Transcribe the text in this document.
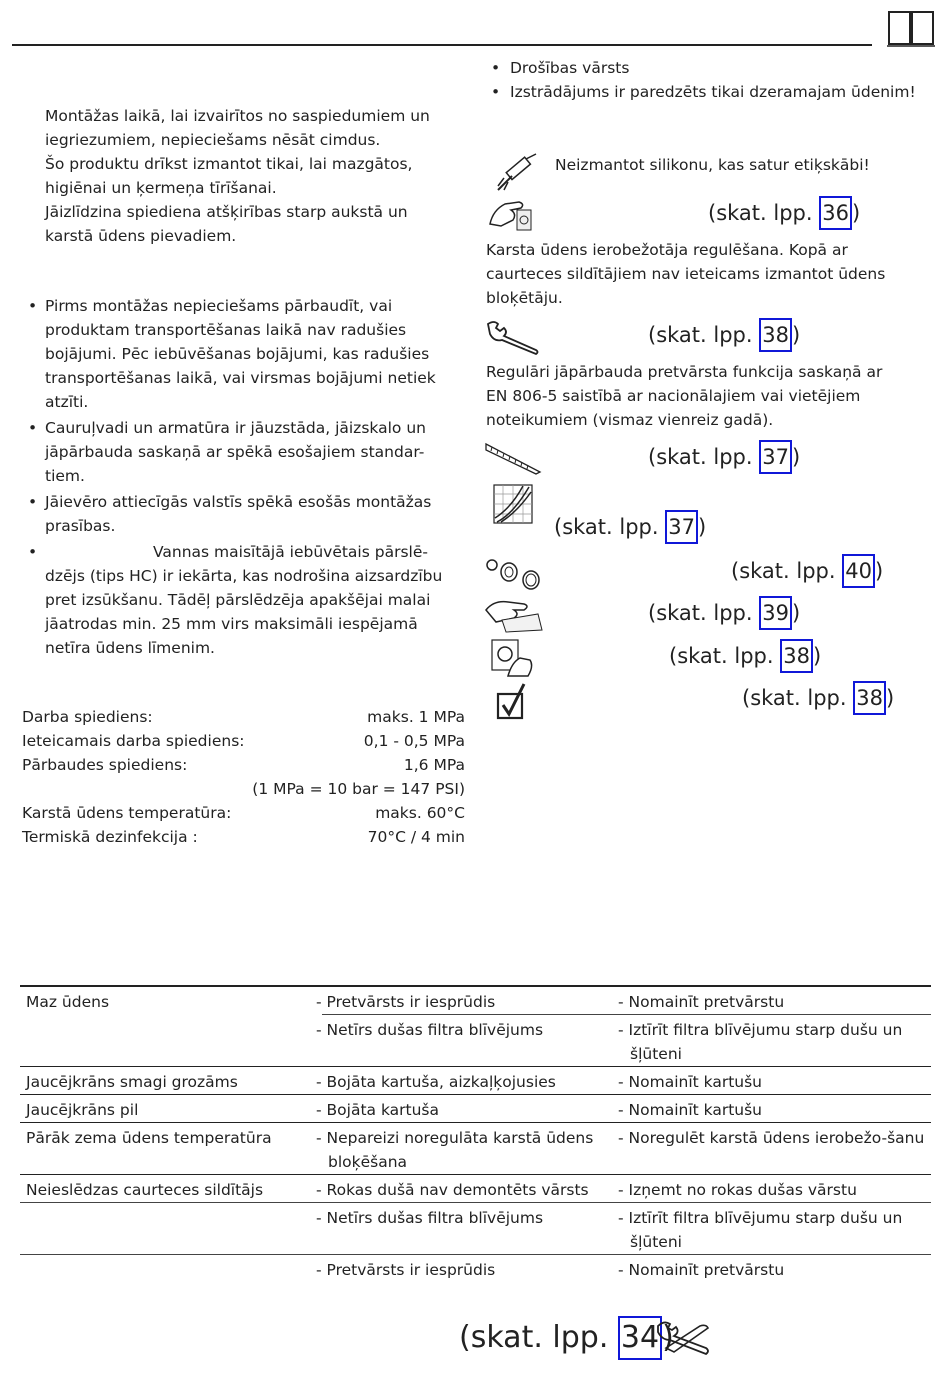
Montāžas laikā, lai izvairītos no saspiedumiem un iegriezumiem, nepieciešams nēsāt cimdus.
Šo produktu drīkst izmantot tikai, lai mazgātos, higiēnai un ķermeņa tīrīšanai.
Jāizlīdzina spiediena atšķirības starp aukstā un karstā ūdens pievadiem.
• Pirms montāžas nepieciešams pārbaudīt, vai produktam transportēšanas laikā nav radušies bojājumi. Pēc iebūvēšanas bojājumi, kas radušies transportēšanas laikā, vai virsmas bojājumi netiek atzīti.
• Cauruļvadi un armatūra ir jāuzstāda, jāizskalo un jāpārbauda saskaņā ar spēkā esošajiem standar-tiem.
• Jāievēro attiecīgās valstīs spēkā esošās montāžas prasības.
•	Vannas maisītājā iebūvētais pārslē-dzējs (tips HC) ir iekārta, kas nodrošina aizsardzību pret izsūkšanu. Tādēļ pārslēdzēja apakšējai malai jāatrodas min. 25 mm virs maksimāli iespējamā netīra ūdens līmenim.
Darba spiediens:	maks. 1 MPa
Ieteicamais darba spiediens:	0,1 - 0,5 MPa
Pārbaudes spiediens:	1,6 MPa
(1 MPa = 10 bar = 147 PSI)
Karstā ūdens temperatūra:	maks. 60°C
Termiskā dezinfekcija :	70°C / 4 min
• Drošības vārsts
• Izstrādājums ir paredzēts tikai dzeramajam ūdenim!
Neizmantot silikonu, kas satur etiķskābi!
(skat. lpp. 36 )
Karsta ūdens ierobežotāja regulēšana. Kopā ar caurteces sildītājiem nav ieteicams izmantot ūdens bloķētāju.
(skat. lpp. 38 )
Regulāri jāpārbauda pretvārsta funkcija saskaņā ar EN 806-5 saistībā ar nacionālajiem vai vietējiem noteikumiem (vismaz vienreiz gadā).
(skat. lpp. 37 )
(skat. lpp. 37 )
(skat. lpp. 40 )
(skat. lpp. 39 )
(skat. lpp. 38 )
(skat. lpp. 38 )
Maz ūdens	- Pretvārsts ir iesprūdis	- Nomainīt pretvārstu
	- Netīrs dušas filtra blīvējums	- Iztīrīt filtra blīvējumu starp dušu un šļūteni
Jaucējkrāns smagi grozāms	- Bojāta kartuša, aizkaļķojusies	- Nomainīt kartušu
Jaucējkrāns pil	- Bojāta kartuša	- Nomainīt kartušu
Pārāk zema ūdens temperatūra	- Nepareizi noregulāta karstā ūdens bloķēšana	- Noregulēt karstā ūdens ierobežo-šanu
Neieslēdzas caurteces sildītājs	- Rokas dušā nav demontēts vārsts	- Izņemt no rokas dušas vārstu
	- Netīrs dušas filtra blīvējums	- Iztīrīt filtra blīvējumu starp dušu un šļūteni
	- Pretvārsts ir iesprūdis	- Nomainīt pretvārstu
(skat. lpp. 34 )
